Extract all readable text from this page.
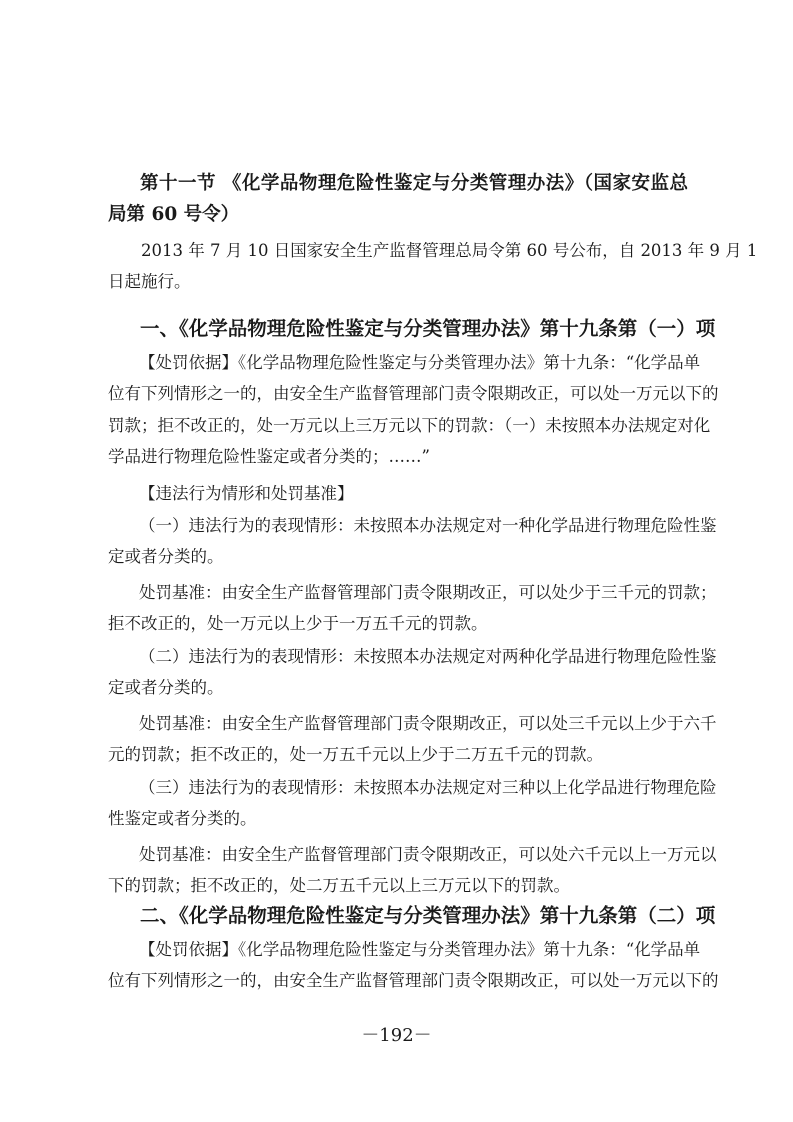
第十一节 《化学品物理危险性鉴定与分类管理办法》（国家安监总
局第 60 号令）
2013 年 7 月 10 日国家安全生产监督管理总局令第 60 号公布，自 2013 年 9 月 1
日起施行。
一、《化学品物理危险性鉴定与分类管理办法》第十九条第（一）项
【处罚依据】《化学品物理危险性鉴定与分类管理办法》第十九条：“化学品单
位有下列情形之一的，由安全生产监督管理部门责令限期改正，可以处一万元以下的
罚款；拒不改正的，处一万元以上三万元以下的罚款：（一）未按照本办法规定对化
学品进行物理危险性鉴定或者分类的；……”
【违法行为情形和处罚基准】
（一）违法行为的表现情形：未按照本办法规定对一种化学品进行物理危险性鉴
定或者分类的。
处罚基准：由安全生产监督管理部门责令限期改正，可以处少于三千元的罚款；
拒不改正的，处一万元以上少于一万五千元的罚款。
（二）违法行为的表现情形：未按照本办法规定对两种化学品进行物理危险性鉴
定或者分类的。
处罚基准：由安全生产监督管理部门责令限期改正，可以处三千元以上少于六千
元的罚款；拒不改正的，处一万五千元以上少于二万五千元的罚款。
（三）违法行为的表现情形：未按照本办法规定对三种以上化学品进行物理危险
性鉴定或者分类的。
处罚基准：由安全生产监督管理部门责令限期改正，可以处六千元以上一万元以
下的罚款；拒不改正的，处二万五千元以上三万元以下的罚款。
二、《化学品物理危险性鉴定与分类管理办法》第十九条第（二）项
【处罚依据】《化学品物理危险性鉴定与分类管理办法》第十九条：“化学品单
位有下列情形之一的，由安全生产监督管理部门责令限期改正，可以处一万元以下的
－192－
